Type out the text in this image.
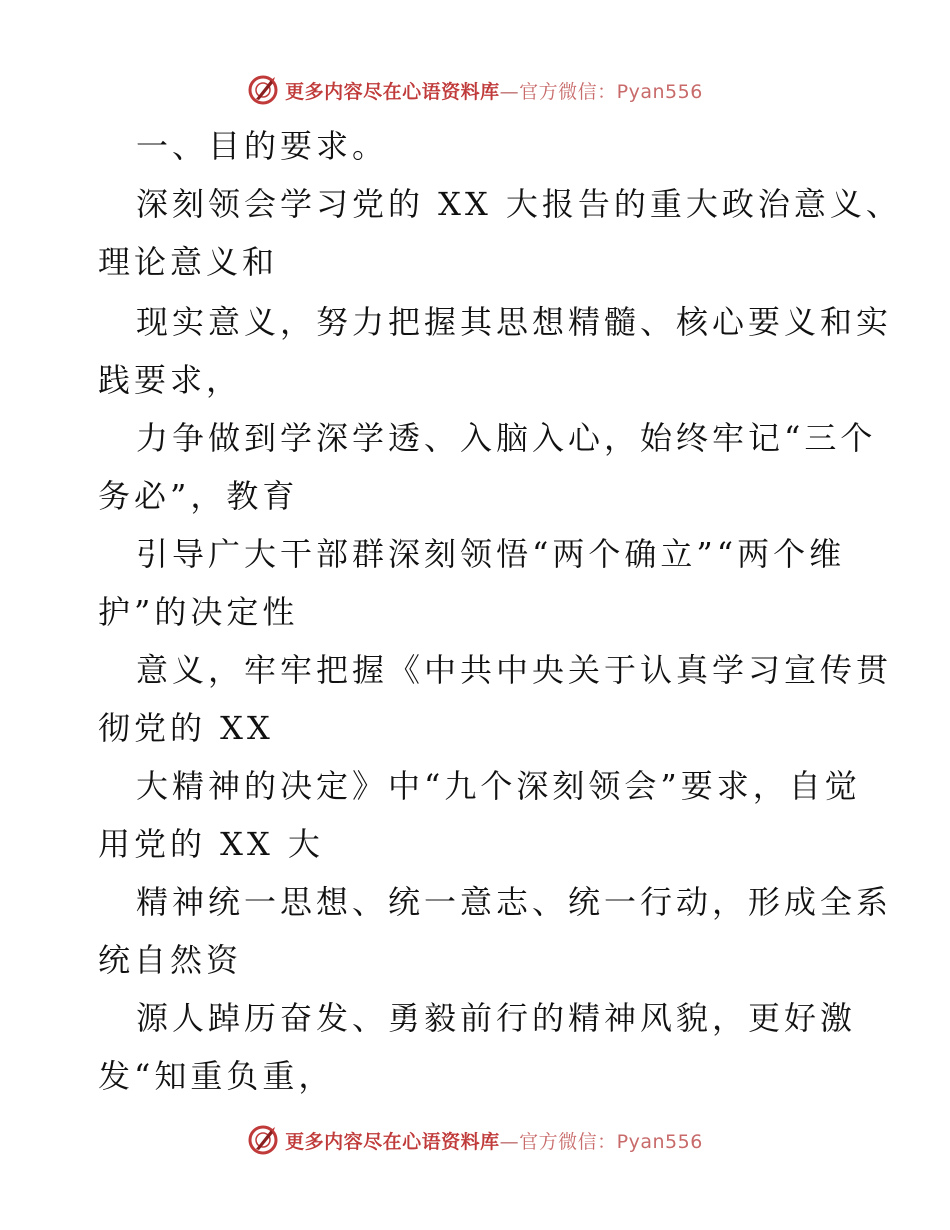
更多内容尽在心语资料库—官方微信：Pyan556
一、目的要求。
深刻领会学习党的 XX 大报告的重大政治意义、
理论意义和
现实意义，努力把握其思想精髓、核心要义和实
践要求，
力争做到学深学透、入脑入心，始终牢记“三个
务必”，教育
引导广大干部群深刻领悟“两个确立”“两个维
护”的决定性
意义，牢牢把握《中共中央关于认真学习宣传贯
彻党的 XX
大精神的决定》中“九个深刻领会”要求，自觉
用党的 XX 大
精神统一思想、统一意志、统一行动，形成全系
统自然资
源人踔历奋发、勇毅前行的精神风貌，更好激
发“知重负重，
更多内容尽在心语资料库—官方微信：Pyan556
